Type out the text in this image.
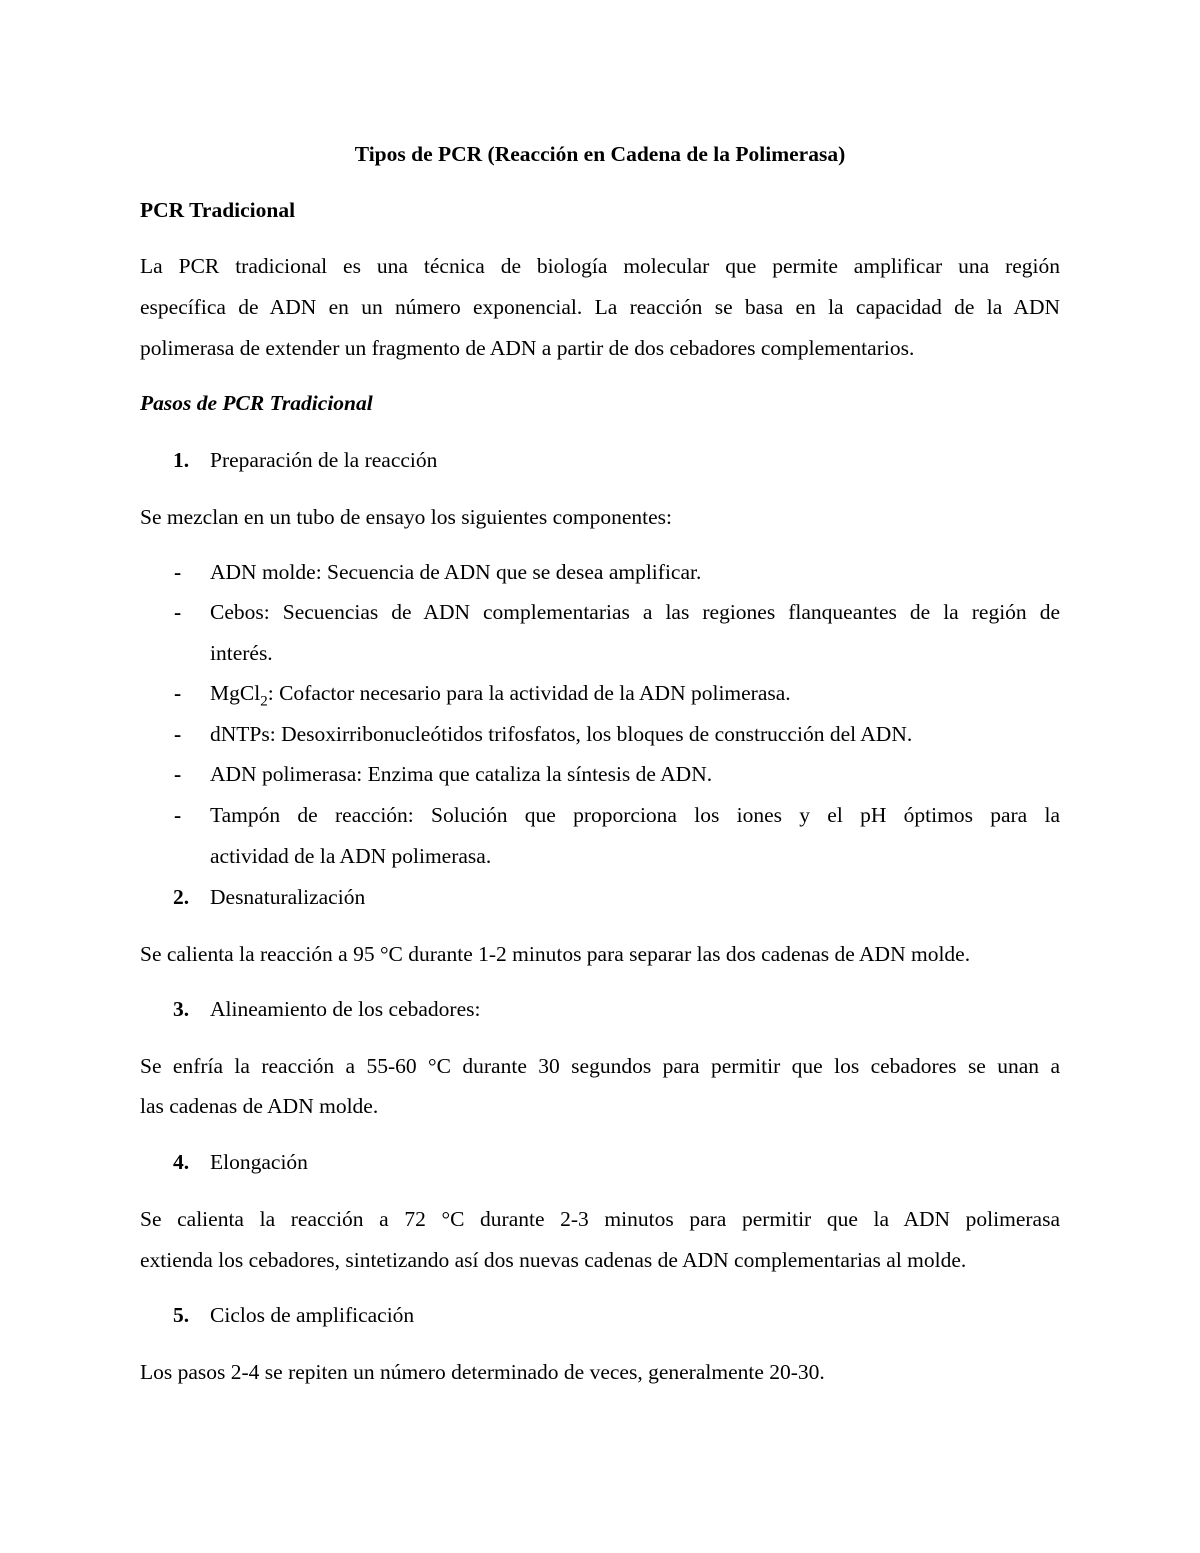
Tipos de PCR (Reacción en Cadena de la Polimerasa)
PCR Tradicional
La PCR tradicional es una técnica de biología molecular que permite amplificar una región
específica de ADN en un número exponencial. La reacción se basa en la capacidad de la ADN
polimerasa de extender un fragmento de ADN a partir de dos cebadores complementarios.
Pasos de PCR Tradicional
1. Preparación de la reacción
Se mezclan en un tubo de ensayo los siguientes componentes:
- ADN molde: Secuencia de ADN que se desea amplificar.
- Cebos: Secuencias de ADN complementarias a las regiones flanqueantes de la región de
interés.
- MgCl$_2$: Cofactor necesario para la actividad de la ADN polimerasa.
- dNTPs: Desoxirribonucleótidos trifosfatos, los bloques de construcción del ADN.
- ADN polimerasa: Enzima que cataliza la síntesis de ADN.
- Tampón de reacción: Solución que proporciona los iones y el pH óptimos para la
actividad de la ADN polimerasa.
2. Desnaturalización
Se calienta la reacción a 95 °C durante 1-2 minutos para separar las dos cadenas de ADN molde.
3. Alineamiento de los cebadores:
Se enfría la reacción a 55-60 °C durante 30 segundos para permitir que los cebadores se unan a
las cadenas de ADN molde.
4. Elongación
Se calienta la reacción a 72 °C durante 2-3 minutos para permitir que la ADN polimerasa
extienda los cebadores, sintetizando así dos nuevas cadenas de ADN complementarias al molde.
5. Ciclos de amplificación
Los pasos 2-4 se repiten un número determinado de veces, generalmente 20-30.
